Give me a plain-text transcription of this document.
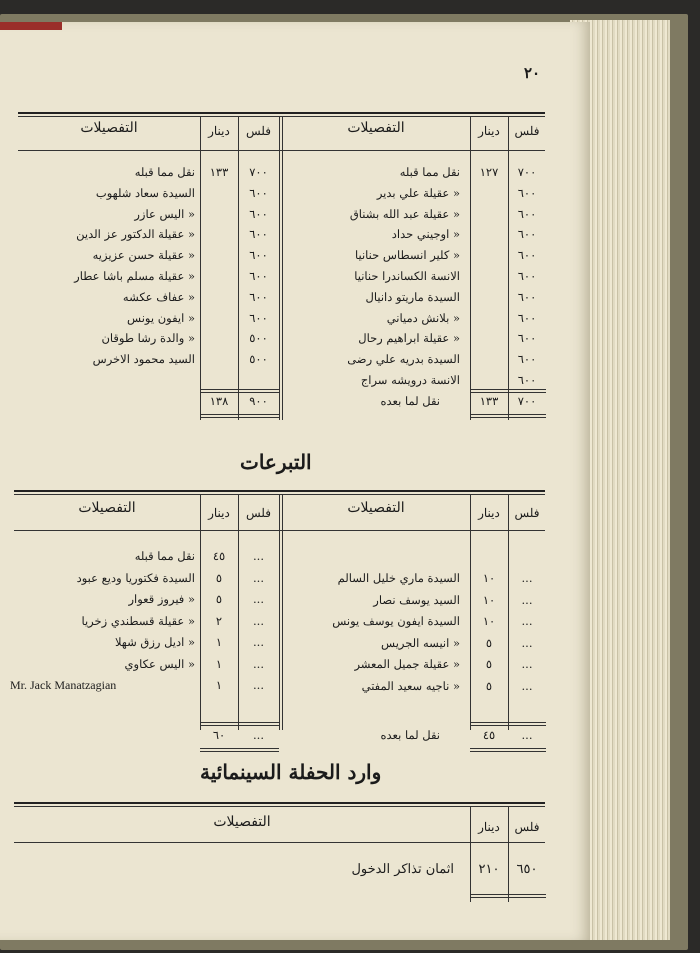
٢٠
فلس
دينار
التفصيلات
فلس
دينار
التفصيلات
٧٠٠
١٢٧
نقل مما قبله
٦٠٠
« عقيلة علي بدير
٦٠٠
« عقيلة عبد الله بشناق
٦٠٠
« اوجيني حداد
٦٠٠
« كلير انسطاس حنانيا
٦٠٠
الانسة الكساندرا حنانيا
٦٠٠
السيدة ماريتو دانيال
٦٠٠
« بلانش دمياني
٦٠٠
« عقيلة ابراهيم رحال
٦٠٠
السيدة بدريه علي رضى
٦٠٠
الانسة درويشه سراج
٧٠٠
١٣٣
نقل مما قبله
٦٠٠
السيدة سعاد شلهوب
٦٠٠
« اليس عازر
٦٠٠
« عقيلة الدكتور عز الدين
٦٠٠
« عقيلة حسن عزيزيه
٦٠٠
« عقيلة مسلم باشا عطار
٦٠٠
« عفاف عكشه
٦٠٠
« ايفون يونس
٥٠٠
« والدة رشا طوقان
٥٠٠
السيد محمود الاخرس
٧٠٠
١٣٣
نقل لما بعده
٩٠٠
١٣٨
التبرعات
فلس
دينار
التفصيلات
فلس
دينار
التفصيلات
...
١٠
السيدة ماري خليل السالم
...
١٠
السيد يوسف نصار
...
١٠
السيدة ايفون يوسف يونس
...
٥
« انيسه الجريس
...
٥
« عقيلة جميل المعشر
...
٥
« ناجيه سعيد المفتي
...
٤٥
نقل مما قبله
...
٥
السيدة فكتوريا وديع عبود
...
٥
« فيروز قعوار
...
٢
« عقيلة قسطندي زخريا
...
١
« اديل رزق شهلا
...
١
« اليس عكاوي
...
١
Mr. Jack Manatzagian
...
٤٥
نقل لما بعده
...
٦٠
وارد الحفلة السينمائية
فلس
دينار
التفصيلات
٦٥٠
٢١٠
اثمان تذاكر الدخول
